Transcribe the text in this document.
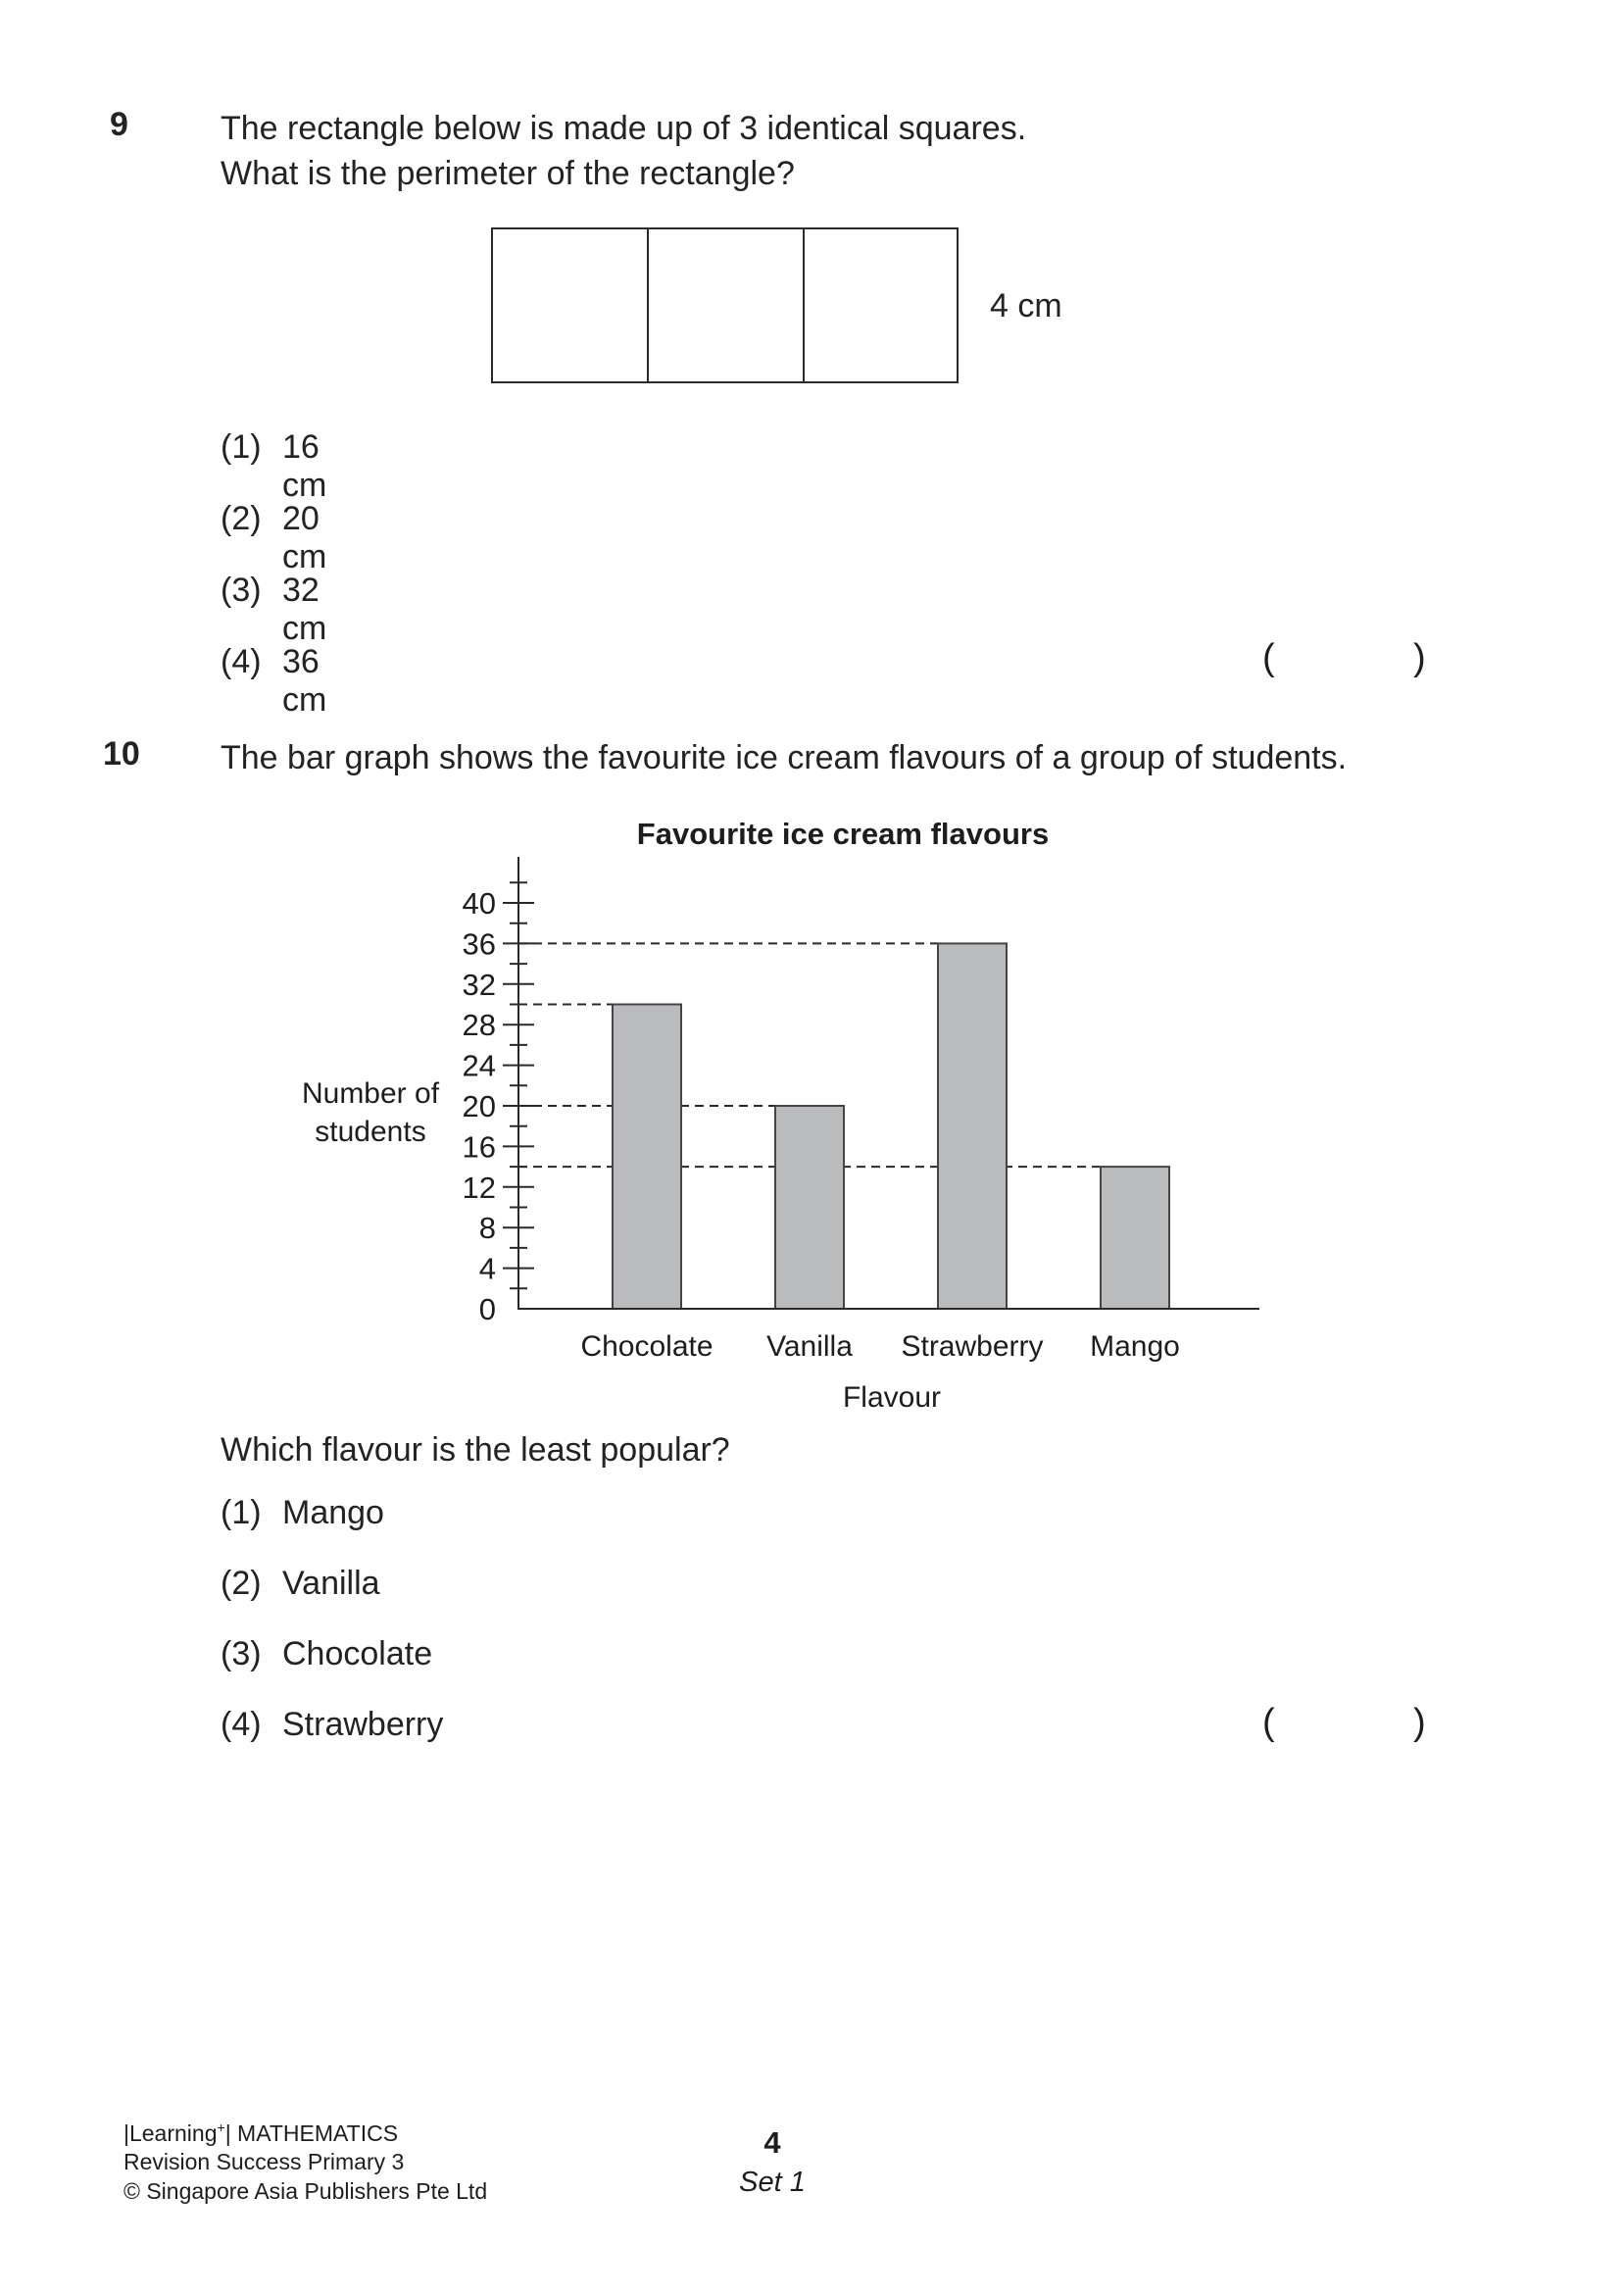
9	The rectangle below is made up of 3 identical squares.
What is the perimeter of the rectangle?
4 cm
(1) 16 cm
(2) 20 cm
(3) 32 cm
(4) 36 cm
(	)
10 The bar graph shows the favourite ice cream flavours of a group of students.
Favourite ice cream flavours
0
4
8
12
16
20
24
28
32
36
40
Chocolate Vanilla Strawberry Mango
Flavour
Number of
students
Which flavour is the least popular?
(1) Mango
(2) Vanilla
(3) Chocolate
(4) Strawberry	(	)
|Learning+| MATHEMATICS
Revision Success Primary 3
© Singapore Asia Publishers Pte Ltd
4
Set 1
